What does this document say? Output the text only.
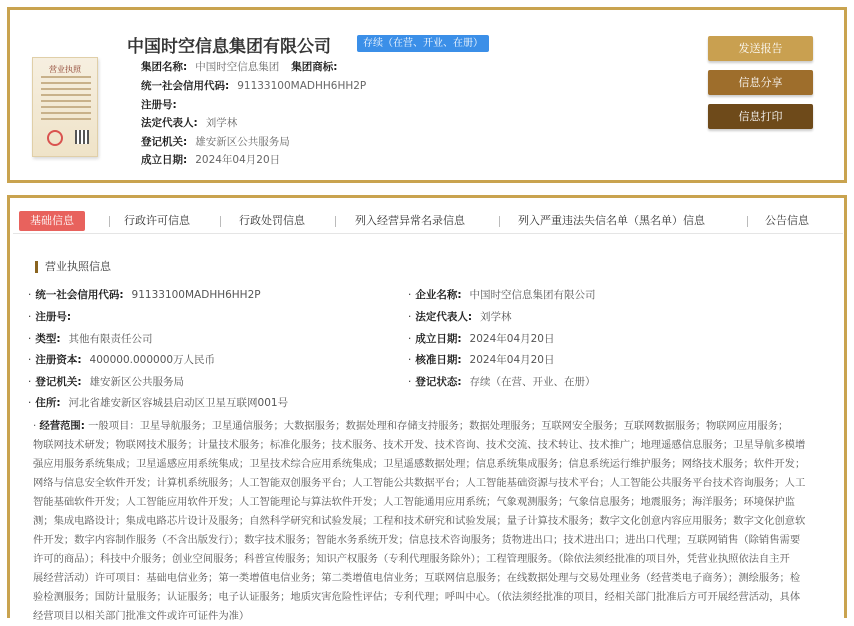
营业执照
中国时空信息集团有限公司	存续（在营、开业、在册）
集团名称: 中国时空信息集团 集团商标:
统一社会信用代码: 91133100MADHH6HH2P
注册号:
法定代表人: 刘学林
登记机关: 雄安新区公共服务局
成立日期: 2024年04月20日
发送报告
信息分享
信息打印
基础信息	行政许可信息	行政处罚信息	列入经营异常名录信息	列入严重违法失信名单（黑名单）信息	公告信息
营业执照信息
· 统一社会信用代码: 91133100MADHH6HH2P
· 注册号:
· 类型: 其他有限责任公司
· 注册资本: 400000.000000万人民币
· 登记机关: 雄安新区公共服务局
· 住所: 河北省雄安新区容城县启动区卫星互联网001号
· 企业名称: 中国时空信息集团有限公司
· 法定代表人: 刘学林
· 成立日期: 2024年04月20日
· 核准日期: 2024年04月20日
· 登记状态: 存续（在营、开业、在册）
· 经营范围: 一般项目：卫星导航服务；卫星通信服务；大数据服务；数据处理和存储支持服务；数据处理服务；互联网安全服务；互联网数据服务；物联网应用服务；
物联网技术研发；物联网技术服务；计量技术服务；标准化服务；技术服务、技术开发、技术咨询、技术交流、技术转让、技术推广；地理遥感信息服务；卫星导航多模增
强应用服务系统集成；卫星遥感应用系统集成；卫星技术综合应用系统集成；卫星遥感数据处理；信息系统集成服务；信息系统运行维护服务；网络技术服务；软件开发；
网络与信息安全软件开发；计算机系统服务；人工智能双创服务平台；人工智能公共数据平台；人工智能基础资源与技术平台；人工智能公共服务平台技术咨询服务；人工
智能基础软件开发；人工智能应用软件开发；人工智能理论与算法软件开发；人工智能通用应用系统；气象观测服务；气象信息服务；地震服务；海洋服务；环境保护监
测；集成电路设计；集成电路芯片设计及服务；自然科学研究和试验发展；工程和技术研究和试验发展；量子计算技术服务；数字文化创意内容应用服务；数字文化创意软
件开发；数字内容制作服务（不含出版发行）；数字技术服务；智能水务系统开发；信息技术咨询服务；货物进出口；技术进出口；进出口代理；互联网销售（除销售需要
许可的商品）；科技中介服务；创业空间服务；科普宣传服务；知识产权服务（专利代理服务除外）；工程管理服务。（除依法须经批准的项目外，凭营业执照依法自主开
展经营活动）许可项目：基础电信业务；第一类增值电信业务；第二类增值电信业务；互联网信息服务；在线数据处理与交易处理业务（经营类电子商务）；测绘服务；检
验检测服务；国防计量服务；认证服务；电子认证服务；地质灾害危险性评估；专利代理；呼叫中心。（依法须经批准的项目，经相关部门批准后方可开展经营活动，具体
经营项目以相关部门批准文件或许可证件为准）
